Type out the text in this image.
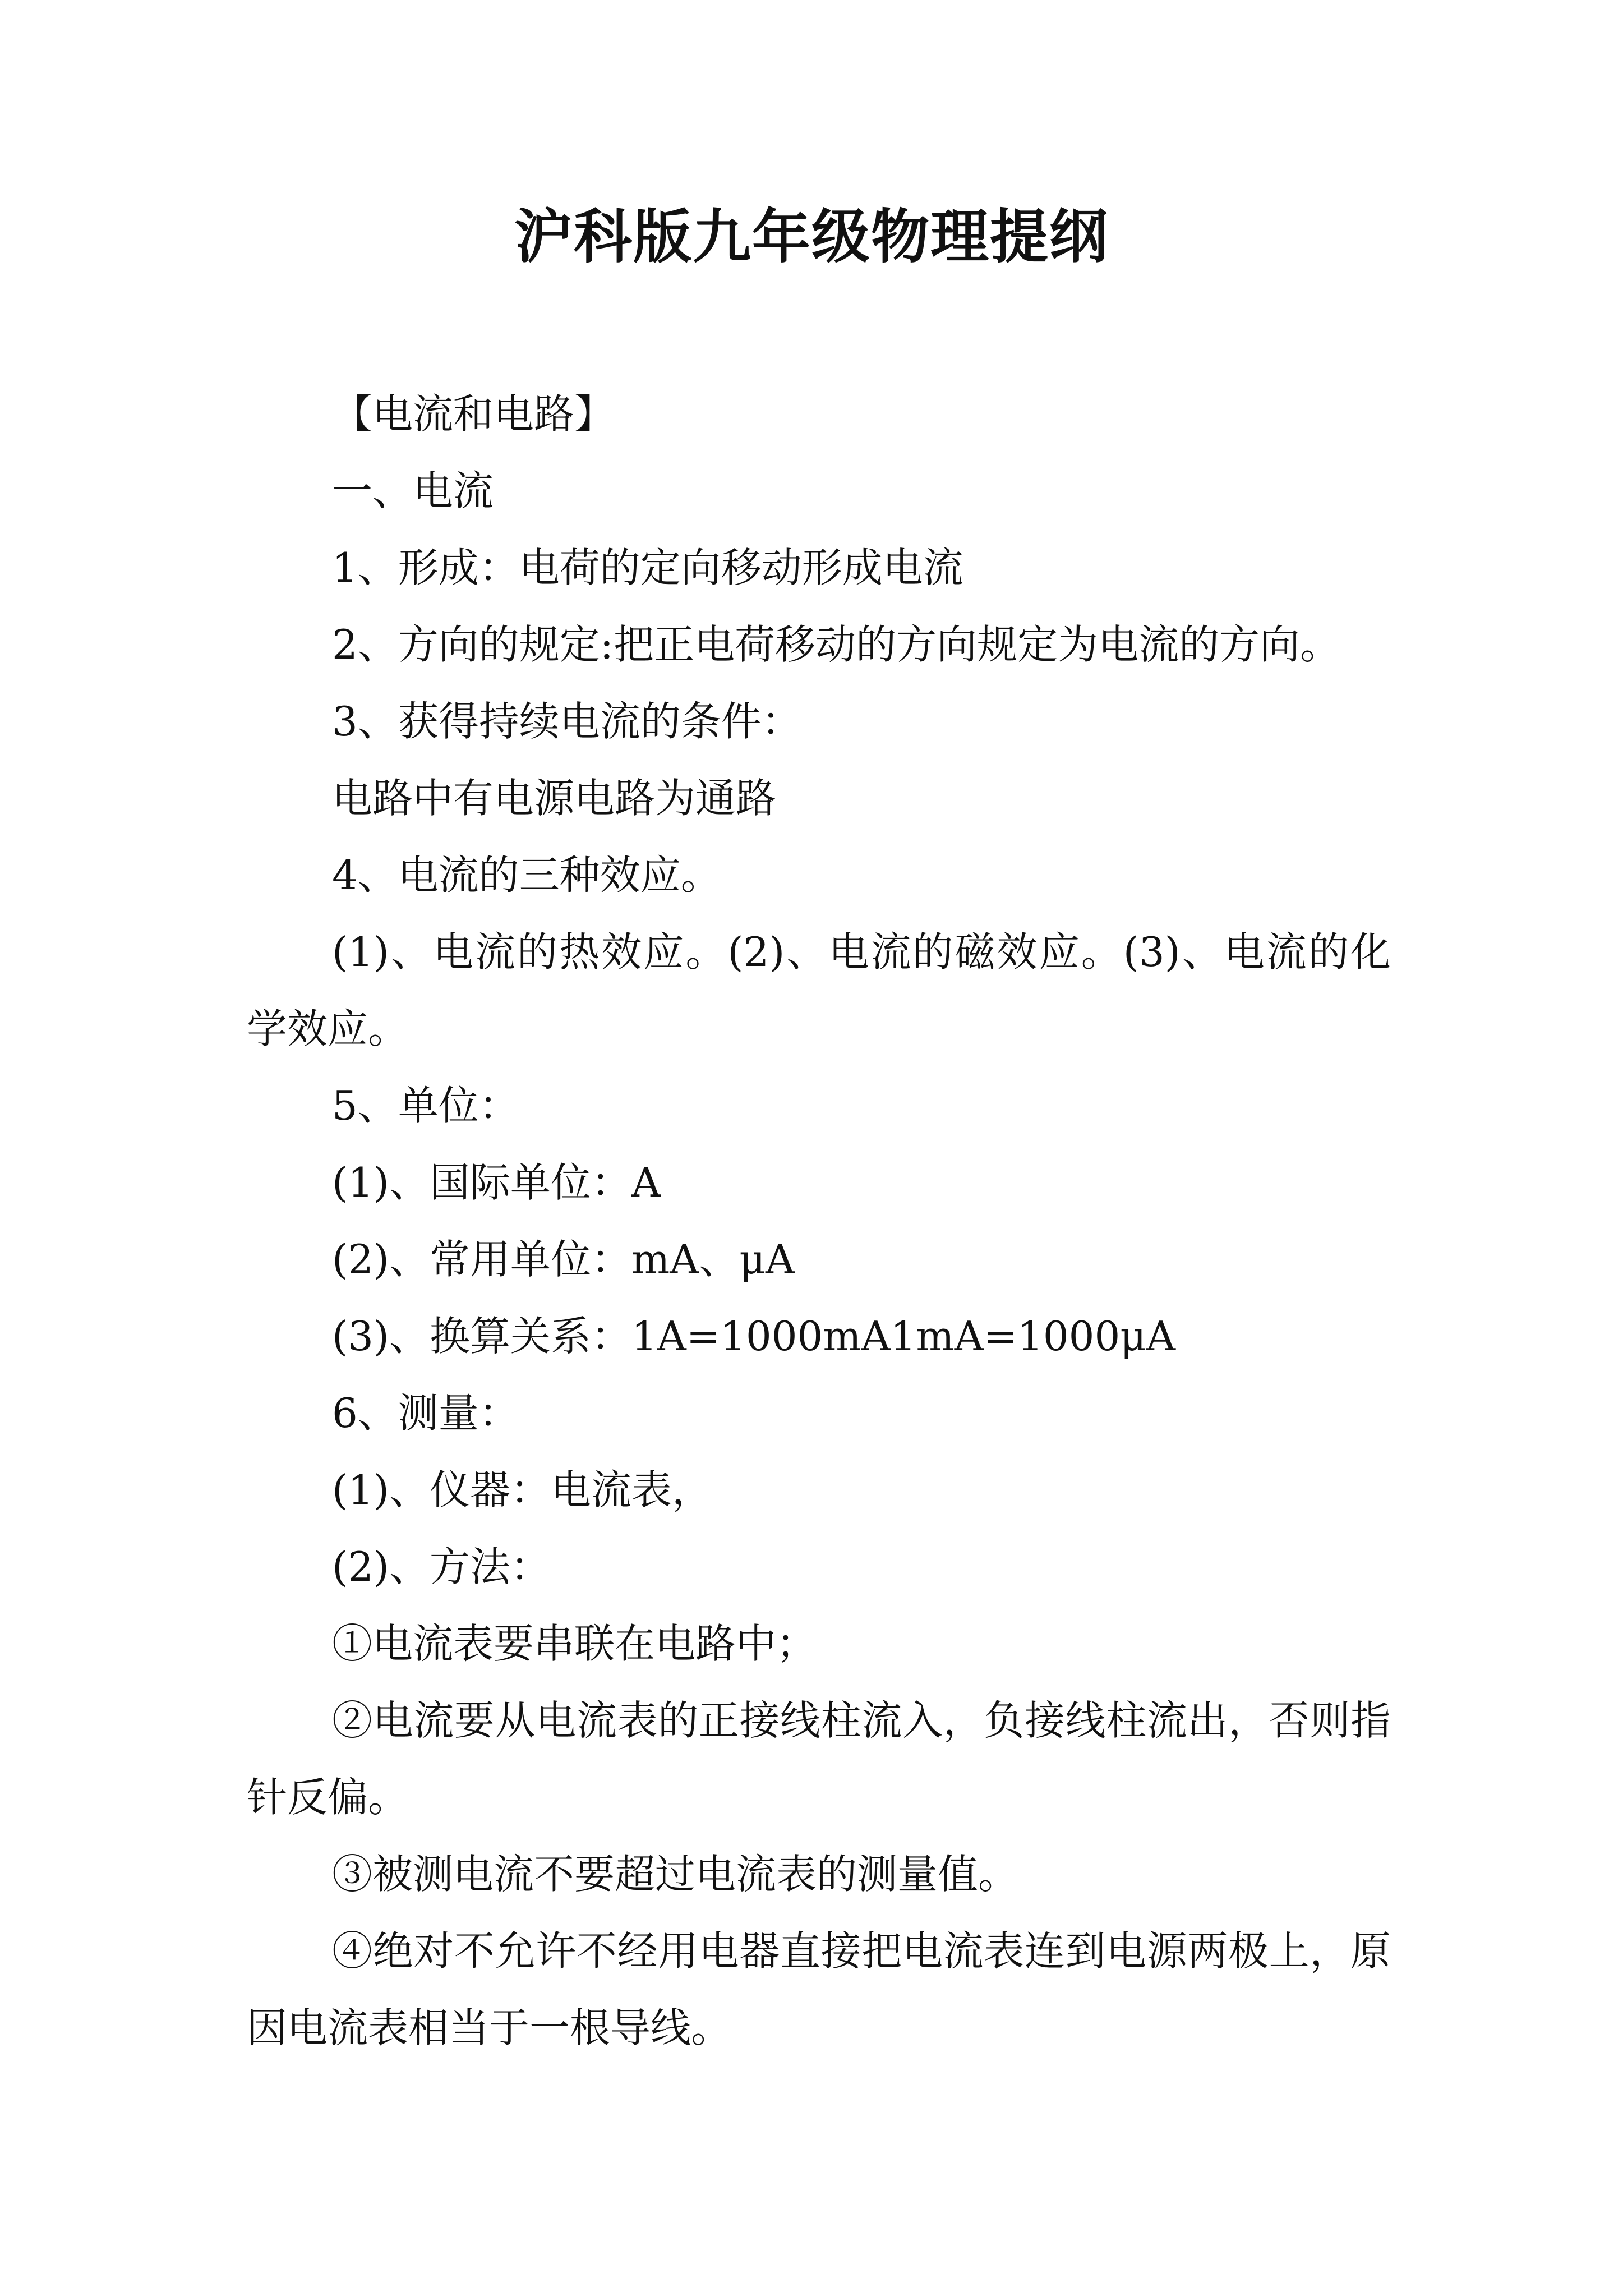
沪科版九年级物理提纲

【电流和电路】

一、电流

1、形成：电荷的定向移动形成电流

2、方向的规定:把正电荷移动的方向规定为电流的方向。

3、获得持续电流的条件：

电路中有电源电路为通路

4、电流的三种效应。

(1)、电流的热效应。(2)、电流的磁效应。(3)、电流的化学效应。

5、单位：

(1)、国际单位：A

(2)、常用单位：mA、μA

(3)、换算关系：1A=1000mA1mA=1000μA

6、测量：

(1)、仪器：电流表，

(2)、方法：

①电流表要串联在电路中；

②电流要从电流表的正接线柱流入，负接线柱流出，否则指针反偏。

③被测电流不要超过电流表的测量值。

④绝对不允许不经用电器直接把电流表连到电源两极上，原因电流表相当于一根导线。
